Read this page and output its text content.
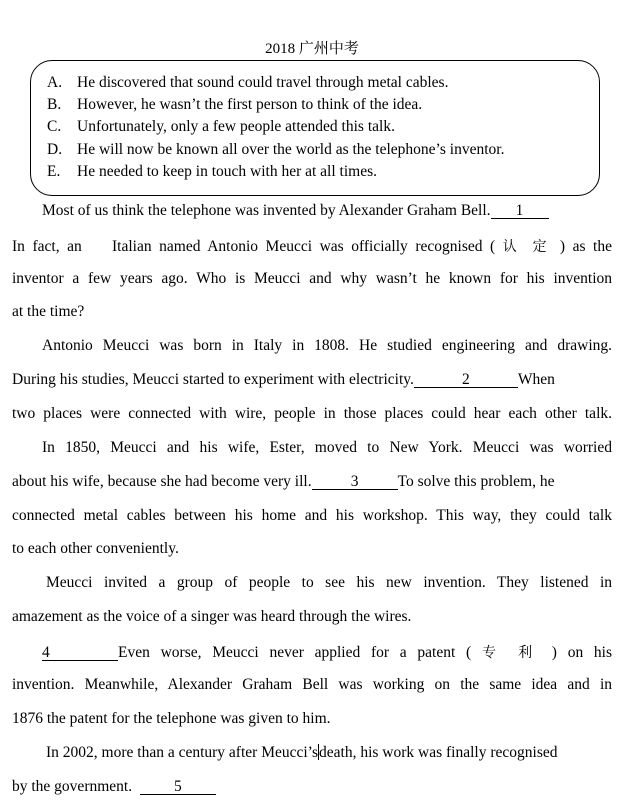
2018 广州中考
A. He discovered that sound could travel through metal cables.
B. However, he wasn’t the first person to think of the idea.
C. Unfortunately, only a few people attended this talk.
D. He will now be known all over the world as the telephone’s inventor.
E. He needed to keep in touch with her at all times.
Most of us think the telephone was invented by Alexander Graham Bell. 1
In fact, an    Italian named Antonio Meucci was officially recognised ( 认 定 ) as the
inventor a few years ago. Who is Meucci and why wasn’t he known for his invention
at the time?
Antonio Meucci was born in Italy in 1808. He studied engineering and drawing.
During his studies, Meucci started to experiment with electricity.	2	When
two places were connected with wire, people in those places could hear each other talk.
In 1850, Meucci and his wife, Ester, moved to New York. Meucci was worried
about his wife, because she had become very ill.	3	To solve this problem, he
connected metal cables between his home and his workshop. This way, they could talk
to each other conveniently.
Meucci invited a group of people to see his new invention. They listened in
amazement as the voice of a singer was heard through the wires.
4	Even worse, Meucci never applied for a patent ( 专 利 ) on his
invention. Meanwhile, Alexander Graham Bell was working on the same idea and in
1876 the patent for the telephone was given to him.
In 2002, more than a century after Meucci’sdeath, his work was finally recognised
by the government.	5
